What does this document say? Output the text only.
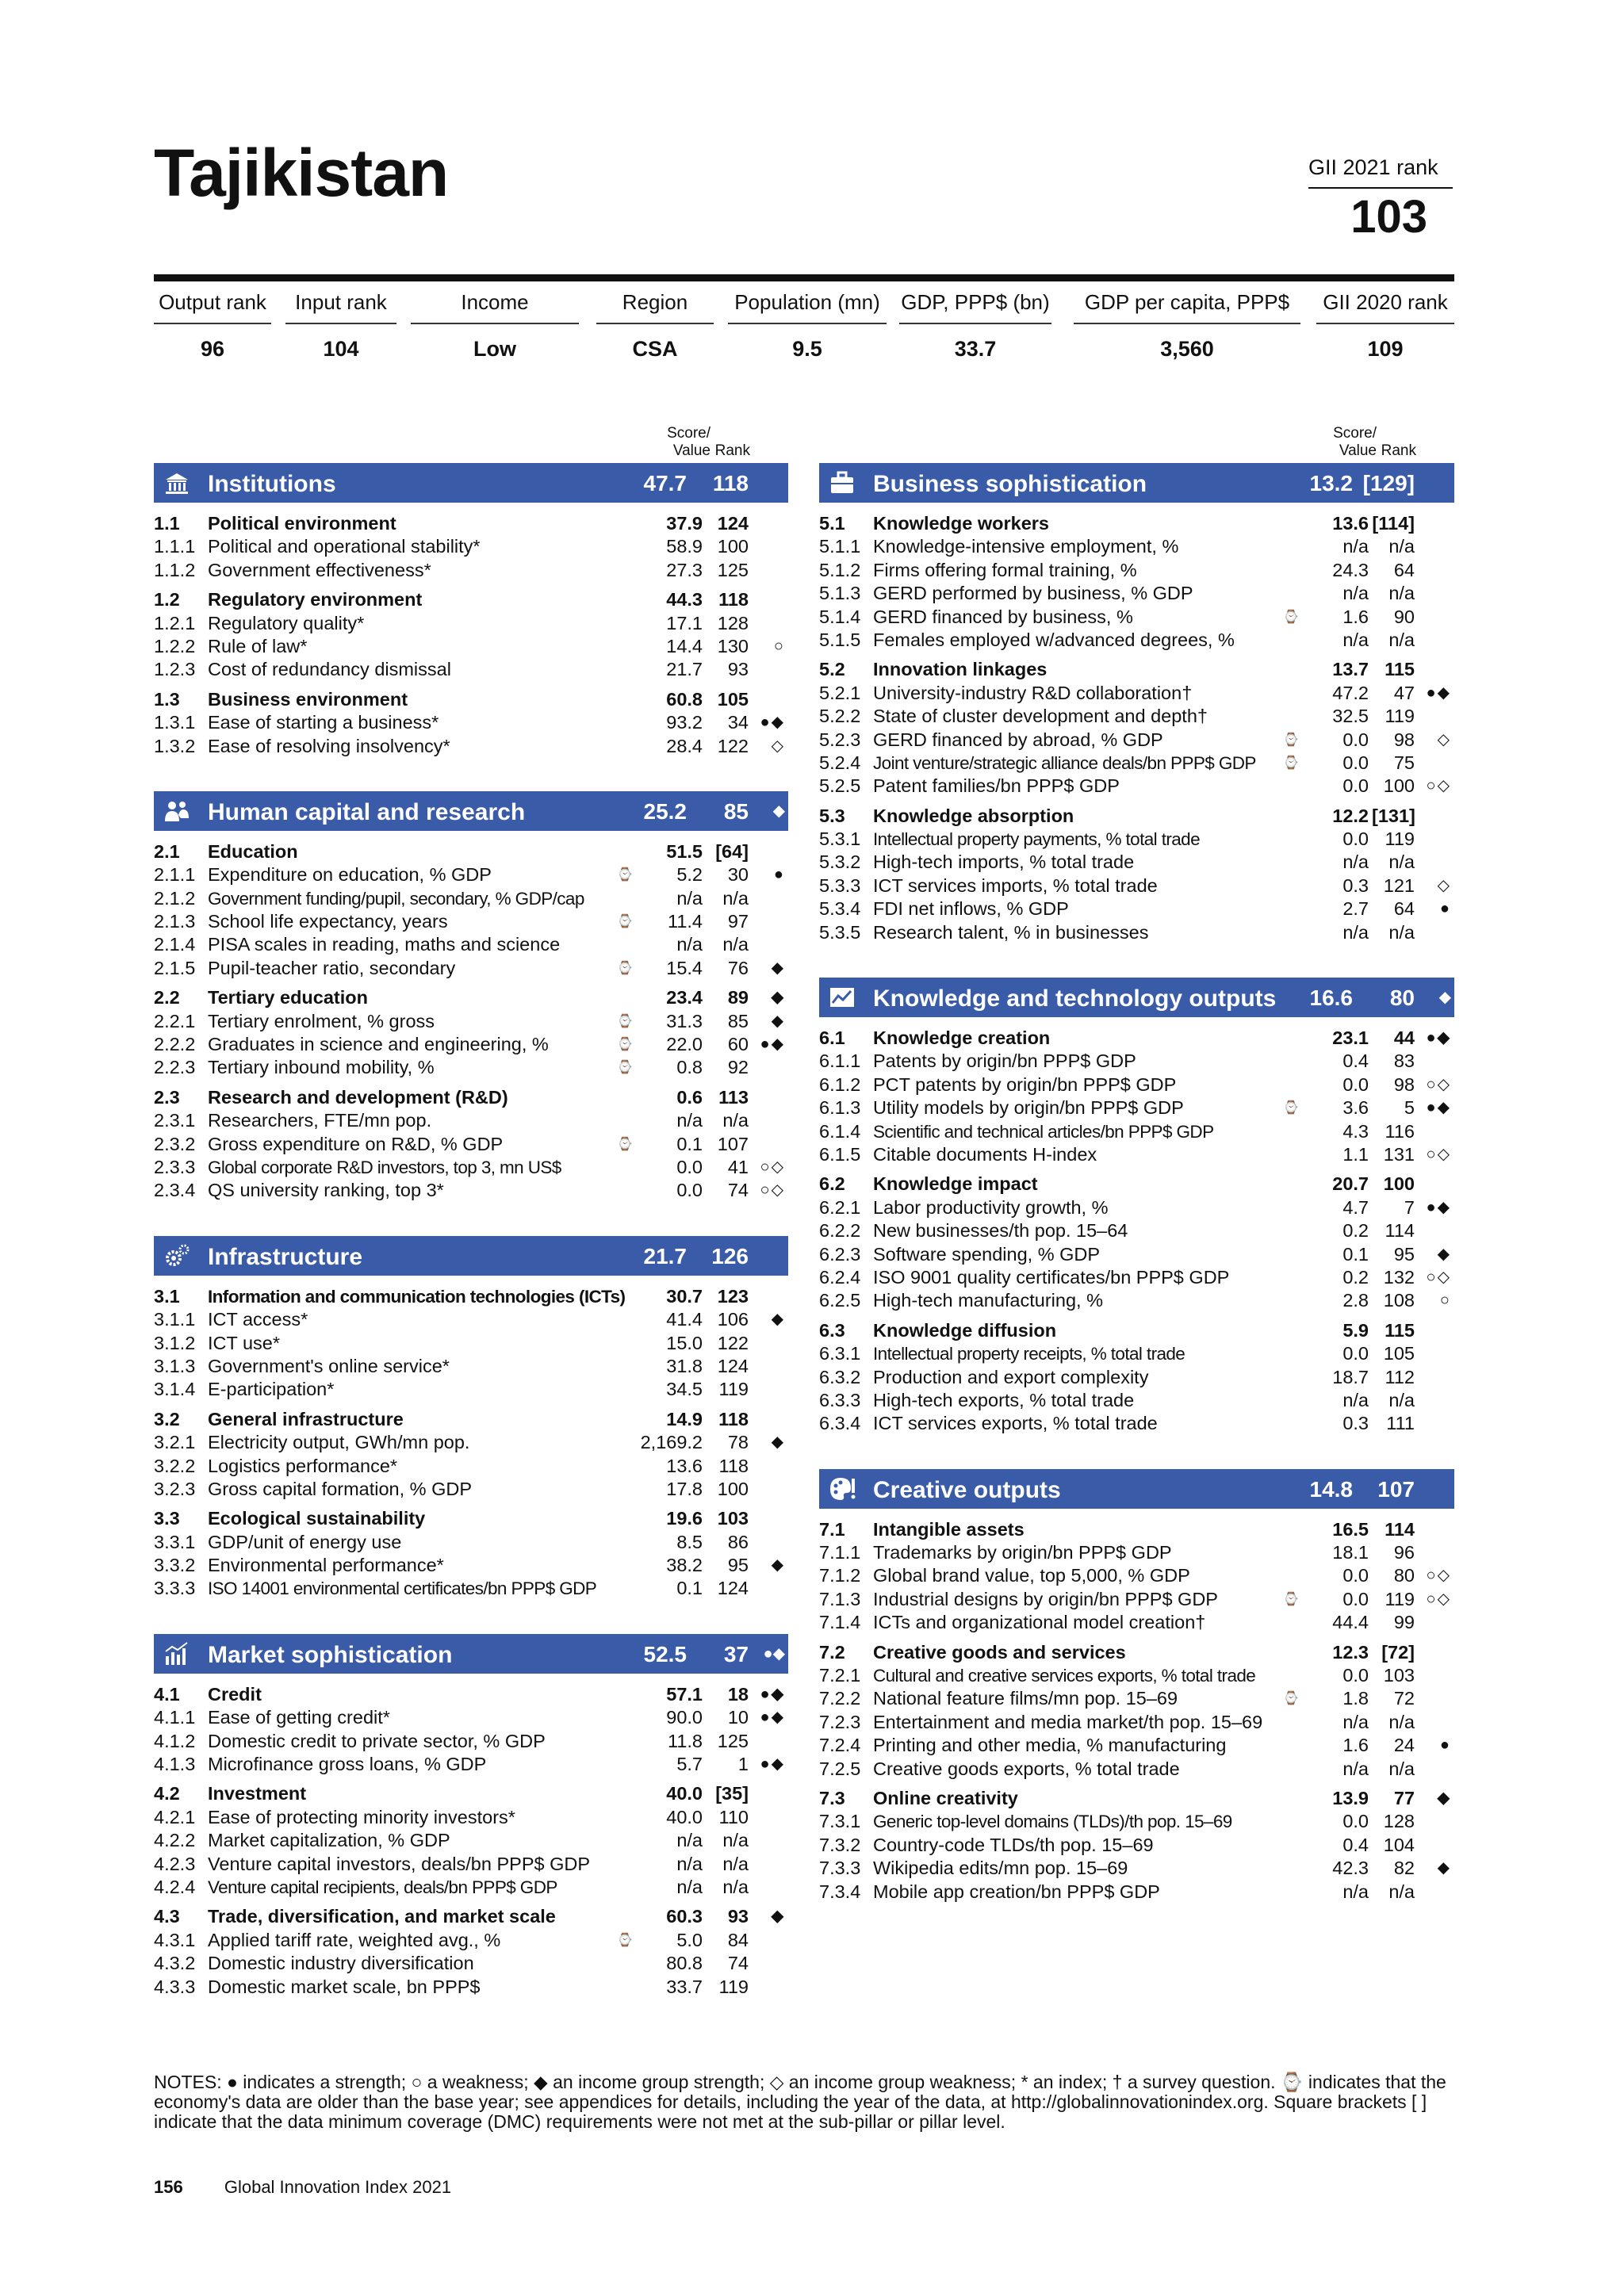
Tajikistan	GII 2021 rank
103
Output rank
96
Input rank
104
Income
Low
Region
CSA
Population (mn)
9.5
GDP, PPP$ (bn)
33.7
GDP per capita, PPP$
3,560
GII 2020 rank
109
Score/
Value Rank
Score/
Value Rank
Institutions	47.7	118
1.1 Political environment	37.9 124
1.1.1 Political and operational stability*	58.9 100
1.1.2 Government effectiveness*	27.3 125
1.2 Regulatory environment	44.3 118
1.2.1 Regulatory quality*	17.1 128
1.2.2 Rule of law*	14.4 130	○
1.2.3 Cost of redundancy dismissal	21.7	93
1.3 Business environment	60.8 105
1.3.1 Ease of starting a business*	93.2	34 ●◆
1.3.2 Ease of resolving insolvency*	28.4 122	◇
Human capital and research	25.2	85 ◆
2.1 Education	51.5 [64]
2.1.1 Expenditure on education, % GDP	⌚ 5.2	30	●
2.1.2 Government funding/pupil, secondary, % GDP/cap	n/a	n/a
2.1.3 School life expectancy, years	⌚ 11.4	97
2.1.4 PISA scales in reading, maths and science	n/a	n/a
2.1.5 Pupil-teacher ratio, secondary	⌚ 15.4	76	◆
2.2 Tertiary education	23.4	89	◆
2.2.1 Tertiary enrolment, % gross	⌚ 31.3	85	◆
2.2.2 Graduates in science and engineering, %	⌚ 22.0	60 ●◆
2.2.3 Tertiary inbound mobility, %	⌚ 0.8	92
2.3 Research and development (R&D)	0.6 113
2.3.1 Researchers, FTE/mn pop.	n/a	n/a
2.3.2 Gross expenditure on R&D, % GDP	⌚ 0.1 107
2.3.3 Global corporate R&D investors, top 3, mn US$	0.0	41 ○◇
2.3.4 QS university ranking, top 3*	0.0	74 ○◇
Infrastructure	21.7	126
3.1 Information and communication technologies (ICTs) 30.7 123
3.1.1 ICT access*	41.4 106	◆
3.1.2 ICT use*	15.0 122
3.1.3 Government's online service*	31.8 124
3.1.4 E-participation*	34.5 119
3.2 General infrastructure	14.9 118
3.2.1 Electricity output, GWh/mn pop.	2,169.2	78	◆
3.2.2 Logistics performance*	13.6 118
3.2.3 Gross capital formation, % GDP	17.8 100
3.3 Ecological sustainability	19.6 103
3.3.1 GDP/unit of energy use	8.5	86
3.3.2 Environmental performance*	38.2	95	◆
3.3.3 ISO 14001 environmental certificates/bn PPP$ GDP	0.1 124
Market sophistication	52.5	37 ●◆
4.1 Credit	57.1	18 ●◆
4.1.1 Ease of getting credit*	90.0	10 ●◆
4.1.2 Domestic credit to private sector, % GDP	11.8 125
4.1.3 Microfinance gross loans, % GDP	5.7	1 ●◆
4.2 Investment	40.0 [35]
4.2.1 Ease of protecting minority investors*	40.0 110
4.2.2 Market capitalization, % GDP	n/a	n/a
4.2.3 Venture capital investors, deals/bn PPP$ GDP	n/a	n/a
4.2.4 Venture capital recipients, deals/bn PPP$ GDP	n/a	n/a
4.3 Trade, diversification, and market scale	60.3	93	◆
4.3.1 Applied tariff rate, weighted avg., %	⌚ 5.0	84
4.3.2 Domestic industry diversification	80.8	74
4.3.3 Domestic market scale, bn PPP$	33.7 119
Business sophistication	13.2 [129]
5.1 Knowledge workers	13.6 [114]
5.1.1 Knowledge-intensive employment, %	n/a	n/a
5.1.2 Firms offering formal training, %	24.3	64
5.1.3 GERD performed by business, % GDP	n/a	n/a
5.1.4 GERD financed by business, %	⌚ 1.6	90
5.1.5 Females employed w/advanced degrees, %	n/a	n/a
5.2 Innovation linkages	13.7 115
5.2.1 University-industry R&D collaboration†	47.2	47 ●◆
5.2.2 State of cluster development and depth†	32.5 119
5.2.3 GERD financed by abroad, % GDP	⌚ 0.0	98	◇
5.2.4 Joint venture/strategic alliance deals/bn PPP$ GDP ⌚ 0.0	75
5.2.5 Patent families/bn PPP$ GDP	0.0 100 ○◇
5.3 Knowledge absorption	12.2 [131]
5.3.1 Intellectual property payments, % total trade	0.0 119
5.3.2 High-tech imports, % total trade	n/a	n/a
5.3.3 ICT services imports, % total trade	0.3 121	◇
5.3.4 FDI net inflows, % GDP	2.7	64	●
5.3.5 Research talent, % in businesses	n/a	n/a
Knowledge and technology outputs 16.6	80 ◆
6.1 Knowledge creation	23.1	44 ●◆
6.1.1 Patents by origin/bn PPP$ GDP	0.4	83
6.1.2 PCT patents by origin/bn PPP$ GDP	0.0	98 ○◇
6.1.3 Utility models by origin/bn PPP$ GDP	⌚ 3.6	5 ●◆
6.1.4 Scientific and technical articles/bn PPP$ GDP	4.3 116
6.1.5 Citable documents H-index	1.1 131 ○◇
6.2 Knowledge impact	20.7 100
6.2.1 Labor productivity growth, %	4.7	7 ●◆
6.2.2 New businesses/th pop. 15–64	0.2 114
6.2.3 Software spending, % GDP	0.1	95	◆
6.2.4 ISO 9001 quality certificates/bn PPP$ GDP	0.2 132 ○◇
6.2.5 High-tech manufacturing, %	2.8 108	○
6.3 Knowledge diffusion	5.9 115
6.3.1 Intellectual property receipts, % total trade	0.0 105
6.3.2 Production and export complexity	18.7 112
6.3.3 High-tech exports, % total trade	n/a	n/a
6.3.4 ICT services exports, % total trade	0.3 111
Creative outputs	14.8	107
7.1 Intangible assets	16.5 114
7.1.1 Trademarks by origin/bn PPP$ GDP	18.1	96
7.1.2 Global brand value, top 5,000, % GDP	0.0	80 ○◇
7.1.3 Industrial designs by origin/bn PPP$ GDP	⌚ 0.0 119 ○◇
7.1.4 ICTs and organizational model creation†	44.4	99
7.2 Creative goods and services	12.3 [72]
7.2.1 Cultural and creative services exports, % total trade	0.0 103
7.2.2 National feature films/mn pop. 15–69	⌚ 1.8	72
7.2.3 Entertainment and media market/th pop. 15–69	n/a	n/a
7.2.4 Printing and other media, % manufacturing	1.6	24	●
7.2.5 Creative goods exports, % total trade	n/a	n/a
7.3 Online creativity	13.9	77	◆
7.3.1 Generic top-level domains (TLDs)/th pop. 15–69	0.0 128
7.3.2 Country-code TLDs/th pop. 15–69	0.4 104
7.3.3 Wikipedia edits/mn pop. 15–69	42.3	82	◆
7.3.4 Mobile app creation/bn PPP$ GDP	n/a	n/a
NOTES: ● indicates a strength; ○ a weakness; ◆ an income group strength; ◇ an income group weakness; * an index; † a survey question. ⌚ indicates that the economy's data are older than the base year; see appendices for details, including the year of the data, at http://globalinnovationindex.org. Square brackets [ ] indicate that the data minimum coverage (DMC) requirements were not met at the sub-pillar or pillar level.
156 Global Innovation Index 2021
